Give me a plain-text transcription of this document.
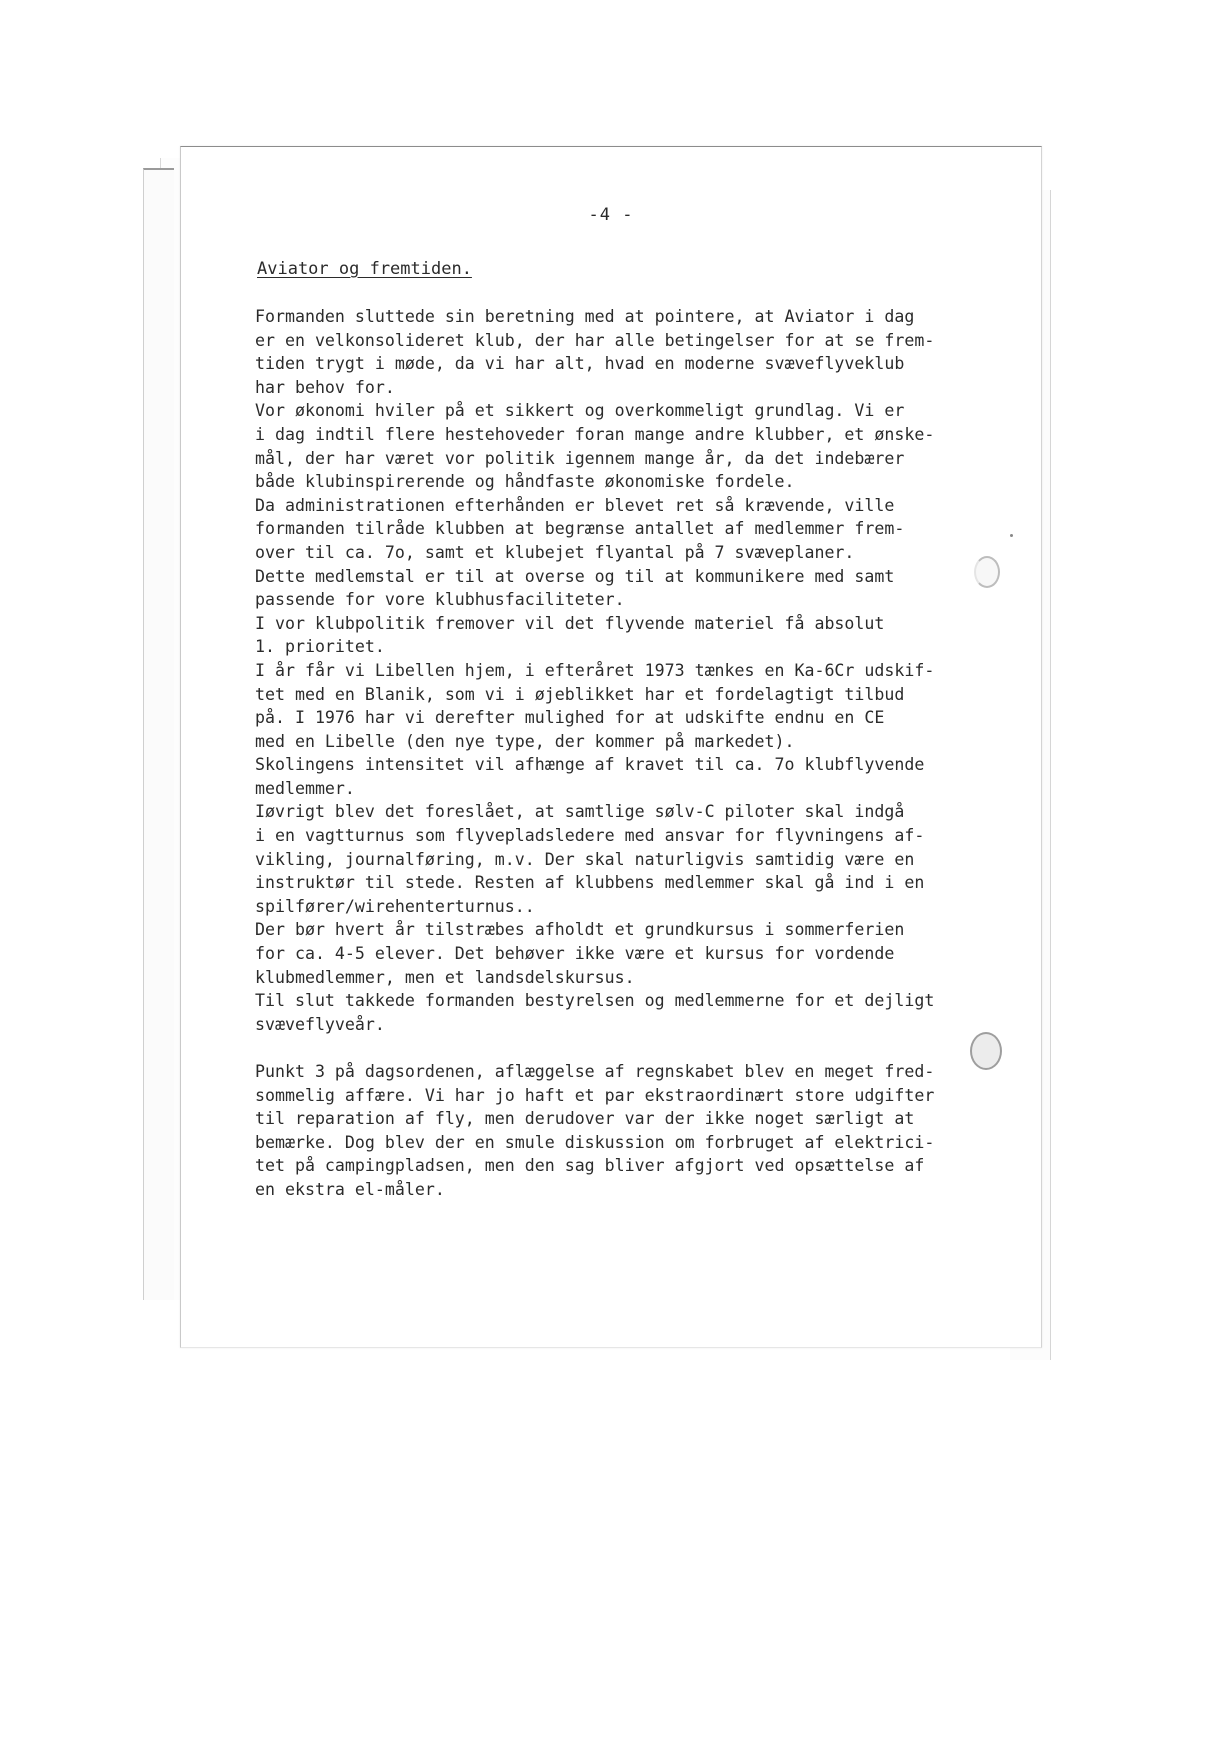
-4 -
Aviator og fremtiden.
Formanden sluttede sin beretning med at pointere, at Aviator i dag
er en velkonsolideret klub, der har alle betingelser for at se frem-
tiden trygt i møde, da vi har alt, hvad en moderne svæveflyveklub
har behov for.
Vor økonomi hviler på et sikkert og overkommeligt grundlag. Vi er
i dag indtil flere hestehoveder foran mange andre klubber, et ønske-
mål, der har været vor politik igennem mange år, da det indebærer
både klubinspirerende og håndfaste økonomiske fordele.
Da administrationen efterhånden er blevet ret så krævende, ville
formanden tilråde klubben at begrænse antallet af medlemmer frem-
over til ca. 7o, samt et klubejet flyantal på 7 svæveplaner.
Dette medlemstal er til at overse og til at kommunikere med samt
passende for vore klubhusfaciliteter.
I vor klubpolitik fremover vil det flyvende materiel få absolut
1. prioritet.
I år får vi Libellen hjem, i efteråret 1973 tænkes en Ka-6Cr udskif-
tet med en Blanik, som vi i øjeblikket har et fordelagtigt tilbud
på. I 1976 har vi derefter mulighed for at udskifte endnu en CE
med en Libelle (den nye type, der kommer på markedet).
Skolingens intensitet vil afhænge af kravet til ca. 7o klubflyvende
medlemmer.
Iøvrigt blev det foreslået, at samtlige sølv-C piloter skal indgå
i en vagtturnus som flyvepladsledere med ansvar for flyvningens af-
vikling, journalføring, m.v. Der skal naturligvis samtidig være en
instruktør til stede. Resten af klubbens medlemmer skal gå ind i en
spilfører/wirehenterturnus..
Der bør hvert år tilstræbes afholdt et grundkursus i sommerferien
for ca. 4-5 elever. Det behøver ikke være et kursus for vordende
klubmedlemmer, men et landsdelskursus.
Til slut takkede formanden bestyrelsen og medlemmerne for et dejligt
svæveflyveår.
Punkt 3 på dagsordenen, aflæggelse af regnskabet blev en meget fred-
sommelig affære. Vi har jo haft et par ekstraordinært store udgifter
til reparation af fly, men derudover var der ikke noget særligt at
bemærke. Dog blev der en smule diskussion om forbruget af elektrici-
tet på campingpladsen, men den sag bliver afgjort ved opsættelse af
en ekstra el-måler.
